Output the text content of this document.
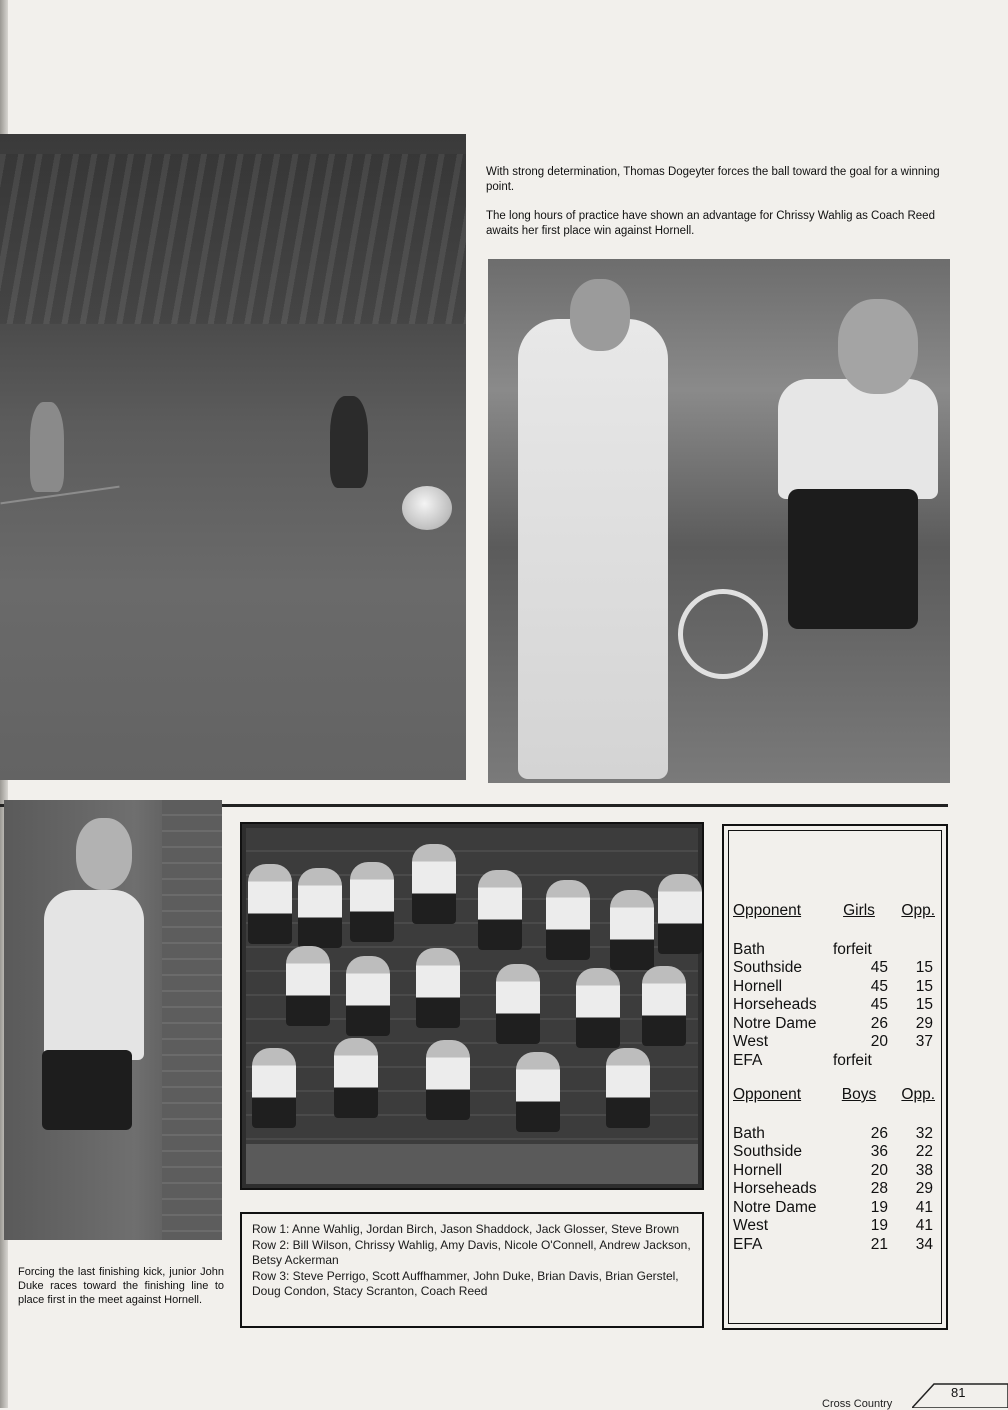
With strong determination, Thomas Dogeyter forces the ball toward the goal for a winning point.

The long hours of practice have shown an advantage for Chrissy Wahlig as Coach Reed awaits her first place win against Hornell.

Forcing the last finishing kick, junior John Duke races toward the finishing line to place first in the meet against Hornell.
Row 1: Anne Wahlig, Jordan Birch, Jason Shaddock, Jack Glosser, Steve Brown
Row 2: Bill Wilson, Chrissy Wahlig, Amy Davis, Nicole O'Connell, Andrew Jackson, Betsy Ackerman
Row 3: Steve Perrigo, Scott Auffhammer, John Duke, Brian Davis, Brian Gerstel, Doug Condon, Stacy Scranton, Coach Reed
Opponent	Girls	Opp.
Bath	forfeit
Southside	45	15
Hornell	45	15
Horseheads	45	15
Notre Dame	26	29
West	20	37
EFA	forfeit
Opponent	Boys	Opp.
Bath	26	32
Southside	36	22
Hornell	20	38
Horseheads	28	29
Notre Dame	19	41
West	19	41
EFA	21	34
Cross Country
81
